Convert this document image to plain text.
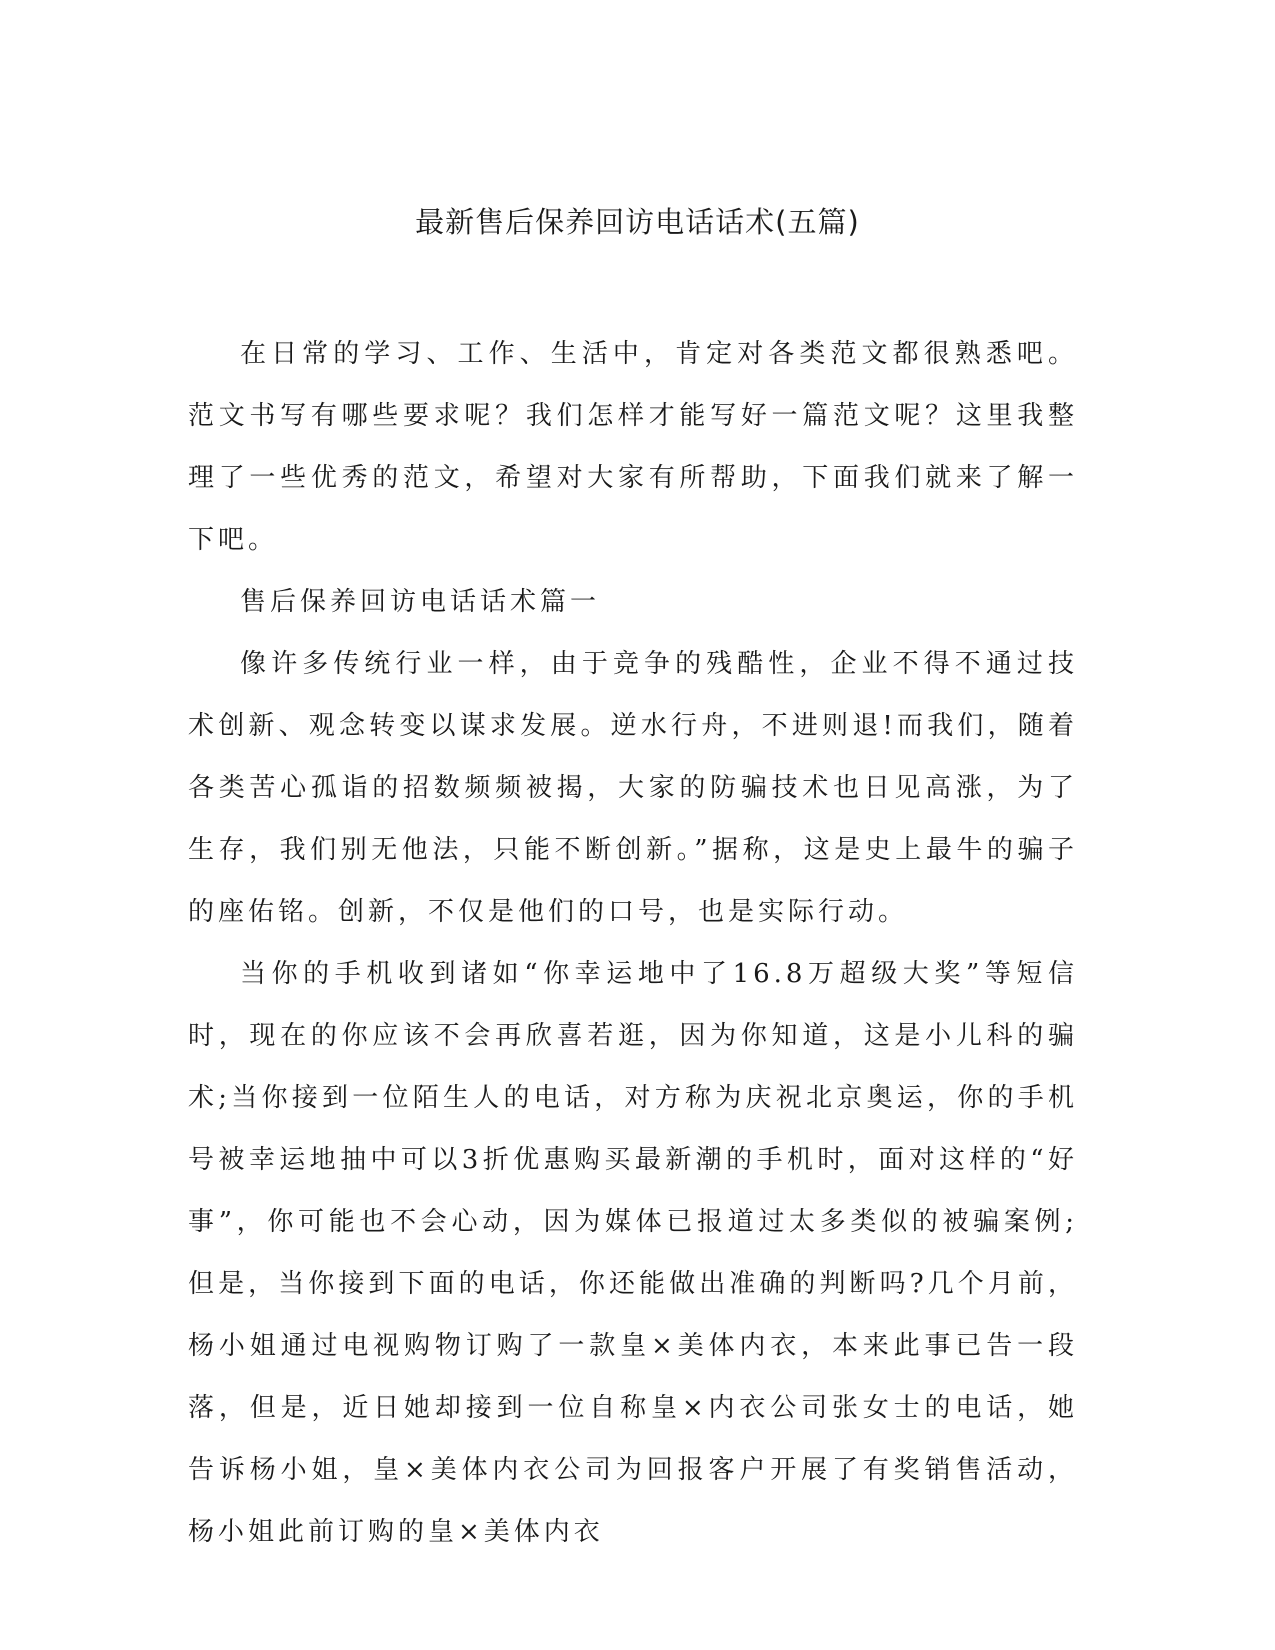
最新售后保养回访电话话术(五篇)

在日常的学习、工作、生活中，肯定对各类范文都很熟悉吧。范文书写有哪些要求呢？我们怎样才能写好一篇范文呢？这里我整理了一些优秀的范文，希望对大家有所帮助，下面我们就来了解一下吧。

售后保养回访电话话术篇一

像许多传统行业一样，由于竞争的残酷性，企业不得不通过技术创新、观念转变以谋求发展。逆水行舟，不进则退!而我们，随着各类苦心孤诣的招数频频被揭，大家的防骗技术也日见高涨，为了生存，我们别无他法，只能不断创新。”据称，这是史上最牛的骗子的座佑铭。创新，不仅是他们的口号，也是实际行动。

当你的手机收到诸如“你幸运地中了16.8万超级大奖”等短信时，现在的你应该不会再欣喜若逛，因为你知道，这是小儿科的骗术;当你接到一位陌生人的电话，对方称为庆祝北京奥运，你的手机号被幸运地抽中可以3折优惠购买最新潮的手机时，面对这样的“好事”，你可能也不会心动，因为媒体已报道过太多类似的被骗案例;但是，当你接到下面的电话，你还能做出准确的判断吗?几个月前，杨小姐通过电视购物订购了一款皇×美体内衣，本来此事已告一段落，但是，近日她却接到一位自称皇×内衣公司张女士的电话，她告诉杨小姐，皇×美体内衣公司为回报客户开展了有奖销售活动，杨小姐此前订购的皇×美体内衣
